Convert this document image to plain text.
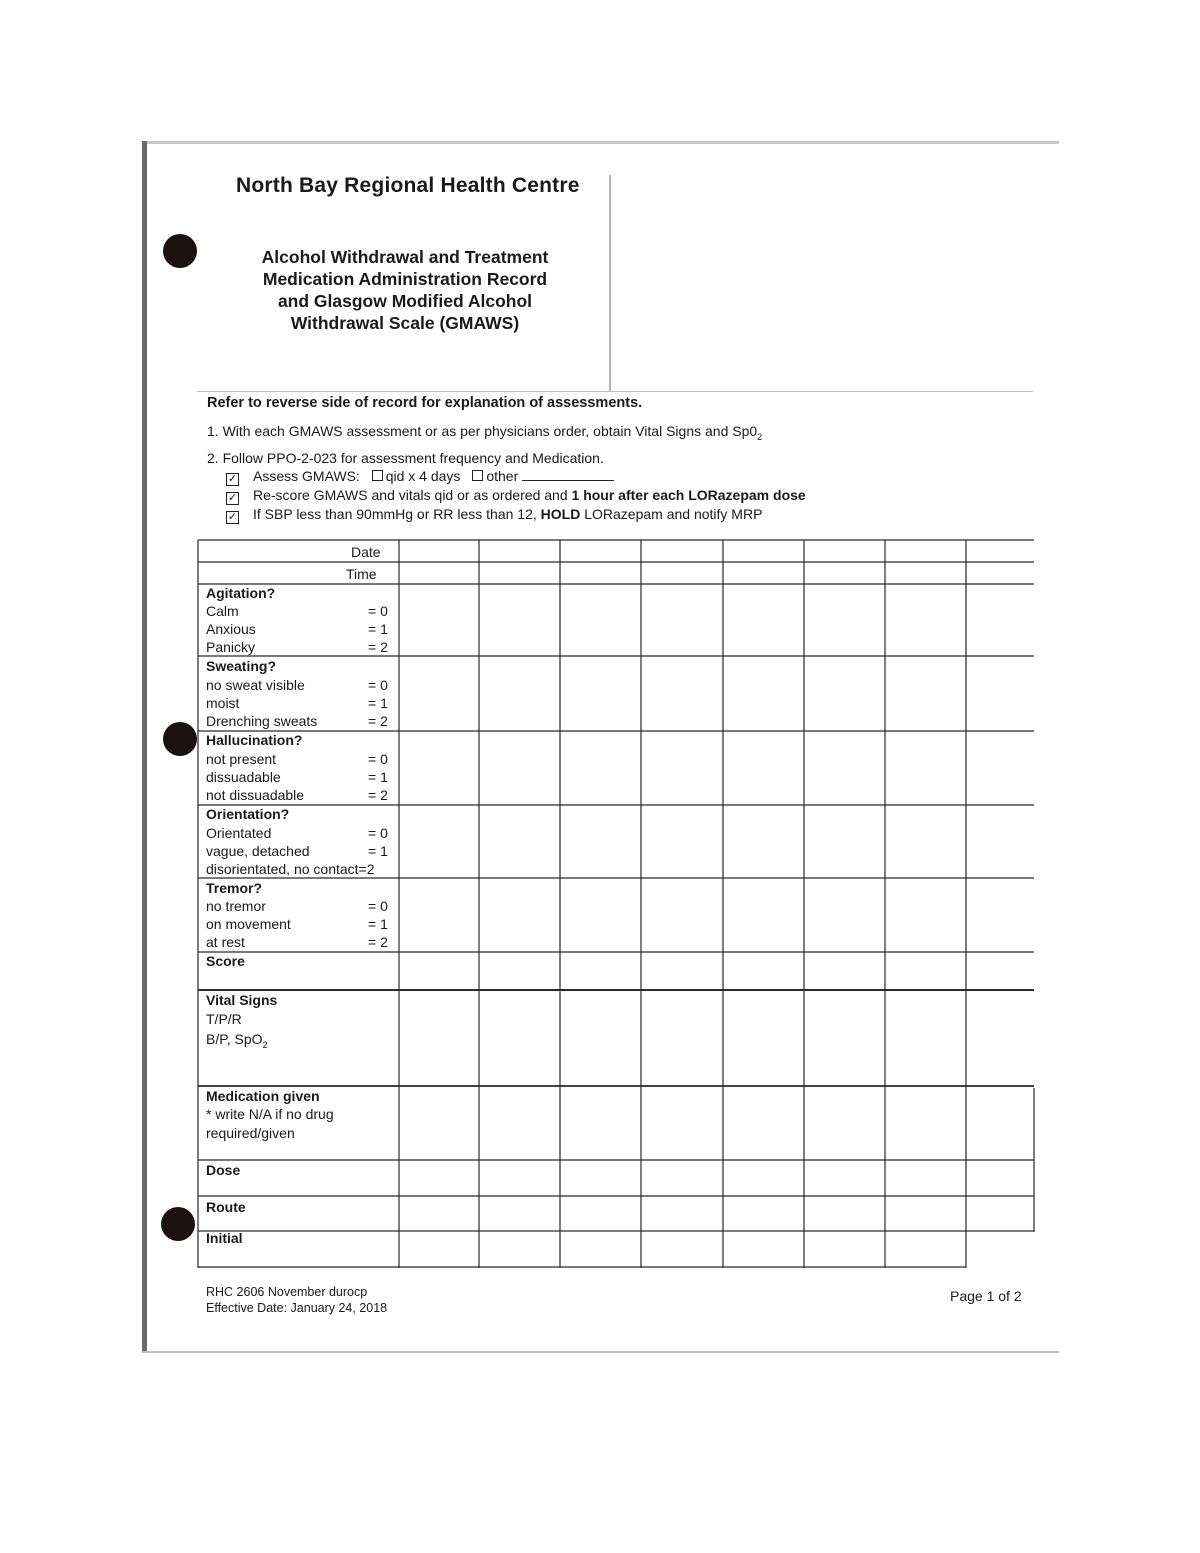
North Bay Regional Health Centre
Alcohol Withdrawal and Treatment
Medication Administration Record
and Glasgow Modified Alcohol
Withdrawal Scale (GMAWS)
Refer to reverse side of record for explanation of assessments.
1. With each GMAWS assessment or as per physicians order, obtain Vital Signs and $Sp0_2$
2. Follow PPO-2-023 for assessment frequency and Medication.
✓ Assess GMAWS: qid x 4 days other
✓ Re-score GMAWS and vitals qid or as ordered and 1 hour after each LORazepam dose
✓ If SBP less than 90mmHg or RR less than 12, HOLD LORazepam and notify MRP
Date
Time
Agitation?
Calm	= 0
Anxious	= 1
Panicky	= 2
Sweating?
no sweat visible	= 0
moist	= 1
Drenching sweats	= 2
Hallucination?
not present	= 0
dissuadable	= 1
not dissuadable	= 2
Orientation?
Orientated	= 0
vague, detached	= 1
disorientated, no contact=2
Tremor?
no tremor	= 0
on movement	= 1
at rest	= 2
Score
Vital Signs
T/P/R
B/P, SpO$_2$
Medication given
* write N/A if no drug
required/given
Dose
Route
Initial
RHC 2606 November durocp
Effective Date: January 24, 2018
Page 1 of 2
